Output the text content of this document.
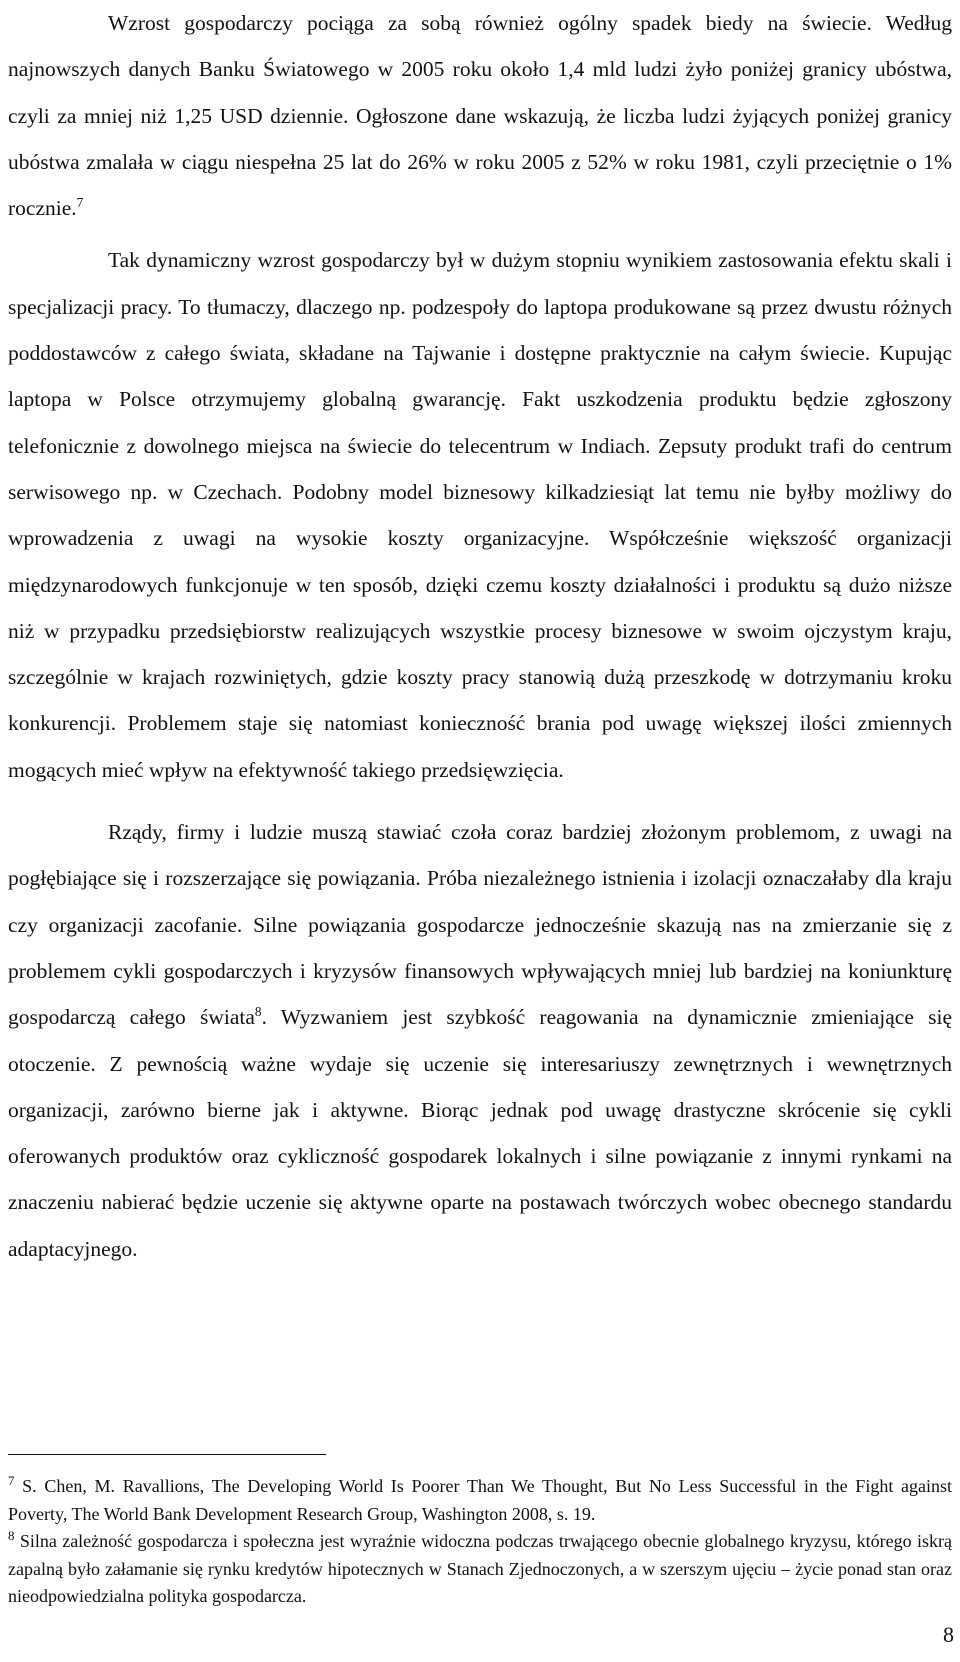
Wzrost gospodarczy pociąga za sobą również ogólny spadek biedy na świecie. Według najnowszych danych Banku Światowego w 2005 roku około 1,4 mld ludzi żyło poniżej granicy ubóstwa, czyli za mniej niż 1,25 USD dziennie. Ogłoszone dane wskazują, że liczba ludzi żyjących poniżej granicy ubóstwa zmalała w ciągu niespełna 25 lat do 26% w roku 2005 z 52% w roku 1981, czyli przeciętnie o 1% rocznie.$^7$

Tak dynamiczny wzrost gospodarczy był w dużym stopniu wynikiem zastosowania efektu skali i specjalizacji pracy. To tłumaczy, dlaczego np. podzespoły do laptopa produkowane są przez dwustu różnych poddostawców z całego świata, składane na Tajwanie i dostępne praktycznie na całym świecie. Kupując laptopa w Polsce otrzymujemy globalną gwarancję. Fakt uszkodzenia produktu będzie zgłoszony telefonicznie z dowolnego miejsca na świecie do telecentrum w Indiach. Zepsuty produkt trafi do centrum serwisowego np. w Czechach. Podobny model biznesowy kilkadziesiąt lat temu nie byłby możliwy do wprowadzenia z uwagi na wysokie koszty organizacyjne. Współcześnie większość organizacji międzynarodowych funkcjonuje w ten sposób, dzięki czemu koszty działalności i produktu są dużo niższe niż w przypadku przedsiębiorstw realizujących wszystkie procesy biznesowe w swoim ojczystym kraju, szczególnie w krajach rozwiniętych, gdzie koszty pracy stanowią dużą przeszkodę w dotrzymaniu kroku konkurencji. Problemem staje się natomiast konieczność brania pod uwagę większej ilości zmiennych mogących mieć wpływ na efektywność takiego przedsięwzięcia.

Rządy, firmy i ludzie muszą stawiać czoła coraz bardziej złożonym problemom, z uwagi na pogłębiające się i rozszerzające się powiązania. Próba niezależnego istnienia i izolacji oznaczałaby dla kraju czy organizacji zacofanie. Silne powiązania gospodarcze jednocześnie skazują nas na zmierzanie się z problemem cykli gospodarczych i kryzysów finansowych wpływających mniej lub bardziej na koniunkturę gospodarczą całego świata$^8$. Wyzwaniem jest szybkość reagowania na dynamicznie zmieniające się otoczenie. Z pewnością ważne wydaje się uczenie się interesariuszy zewnętrznych i wewnętrznych organizacji, zarówno bierne jak i aktywne. Biorąc jednak pod uwagę drastyczne skrócenie się cykli oferowanych produktów oraz cykliczność gospodarek lokalnych i silne powiązanie z innymi rynkami na znaczeniu nabierać będzie uczenie się aktywne oparte na postawach twórczych wobec obecnego standardu adaptacyjnego.

$^7$ S. Chen, M. Ravallions, The Developing World Is Poorer Than We Thought, But No Less Successful in the Fight against Poverty, The World Bank Development Research Group, Washington 2008, s. 19.

$^8$ Silna zależność gospodarcza i społeczna jest wyraźnie widoczna podczas trwającego obecnie globalnego kryzysu, którego iskrą zapalną było załamanie się rynku kredytów hipotecznych w Stanach Zjednoczonych, a w szerszym ujęciu – życie ponad stan oraz nieodpowiedzialna polityka gospodarcza.

8
